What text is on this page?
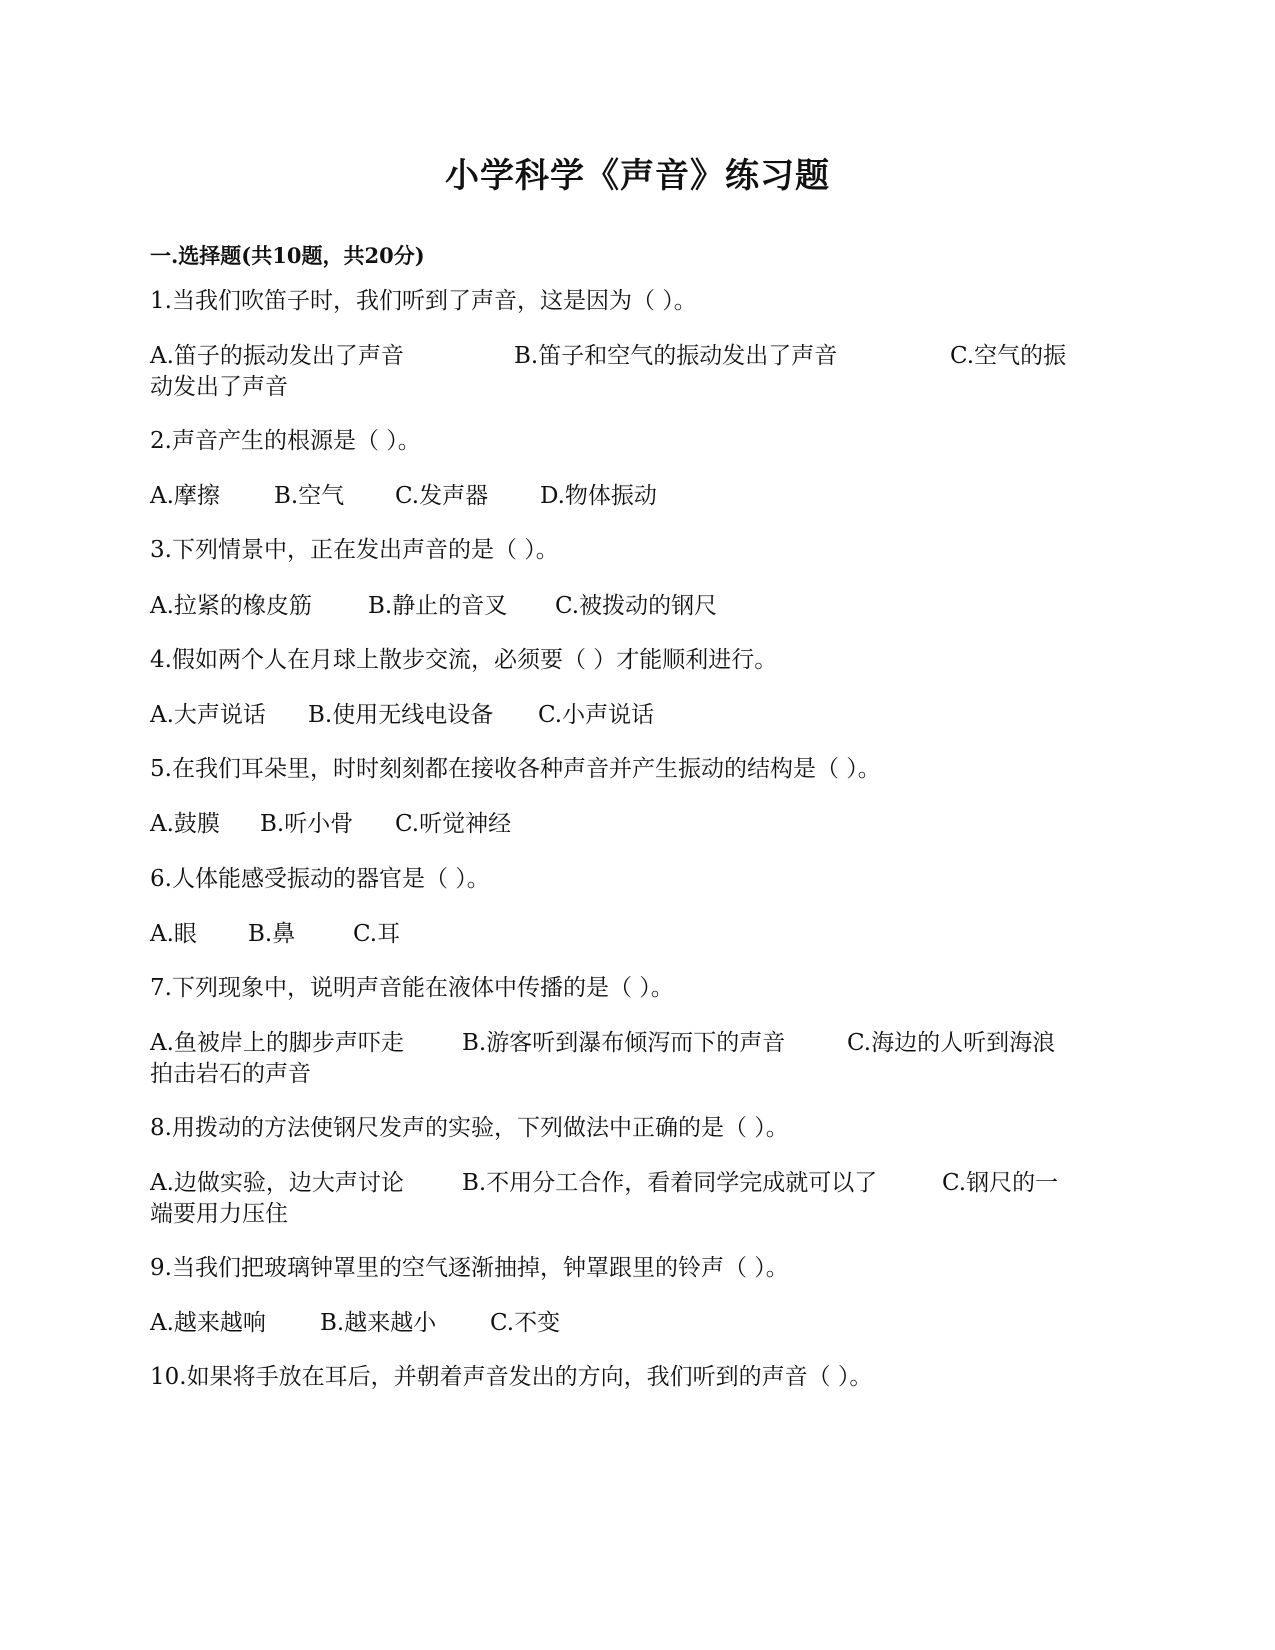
小学科学《声音》练习题
一.选择题(共10题，共20分)
1.当我们吹笛子时，我们听到了声音，这是因为（ ）。
A.笛子的振动发出了声音	B.笛子和空气的振动发出了声音	C.空气的振
动发出了声音
2.声音产生的根源是（ ）。
A.摩擦 B.空气 C.发声器 D.物体振动
3.下列情景中，正在发出声音的是（ ）。
A.拉紧的橡皮筋 B.静止的音叉 C.被拨动的钢尺
4.假如两个人在月球上散步交流，必须要（ ）才能顺利进行。
A.大声说话 B.使用无线电设备 C.小声说话
5.在我们耳朵里，时时刻刻都在接收各种声音并产生振动的结构是（ ）。
A.鼓膜 B.听小骨 C.听觉神经
6.人体能感受振动的器官是（ ）。
A.眼 B.鼻	C.耳
7.下列现象中，说明声音能在液体中传播的是（ ）。
A.鱼被岸上的脚步声吓走	B.游客听到瀑布倾泻而下的声音	C.海边的人听到海浪
拍击岩石的声音
8.用拨动的方法使钢尺发声的实验，下列做法中正确的是（ ）。
A.边做实验，边大声讨论	B.不用分工合作，看着同学完成就可以了	C.钢尺的一
端要用力压住
9.当我们把玻璃钟罩里的空气逐渐抽掉，钟罩跟里的铃声（ ）。
A.越来越响 B.越来越小 C.不变
10.如果将手放在耳后，并朝着声音发出的方向，我们听到的声音（ ）。
